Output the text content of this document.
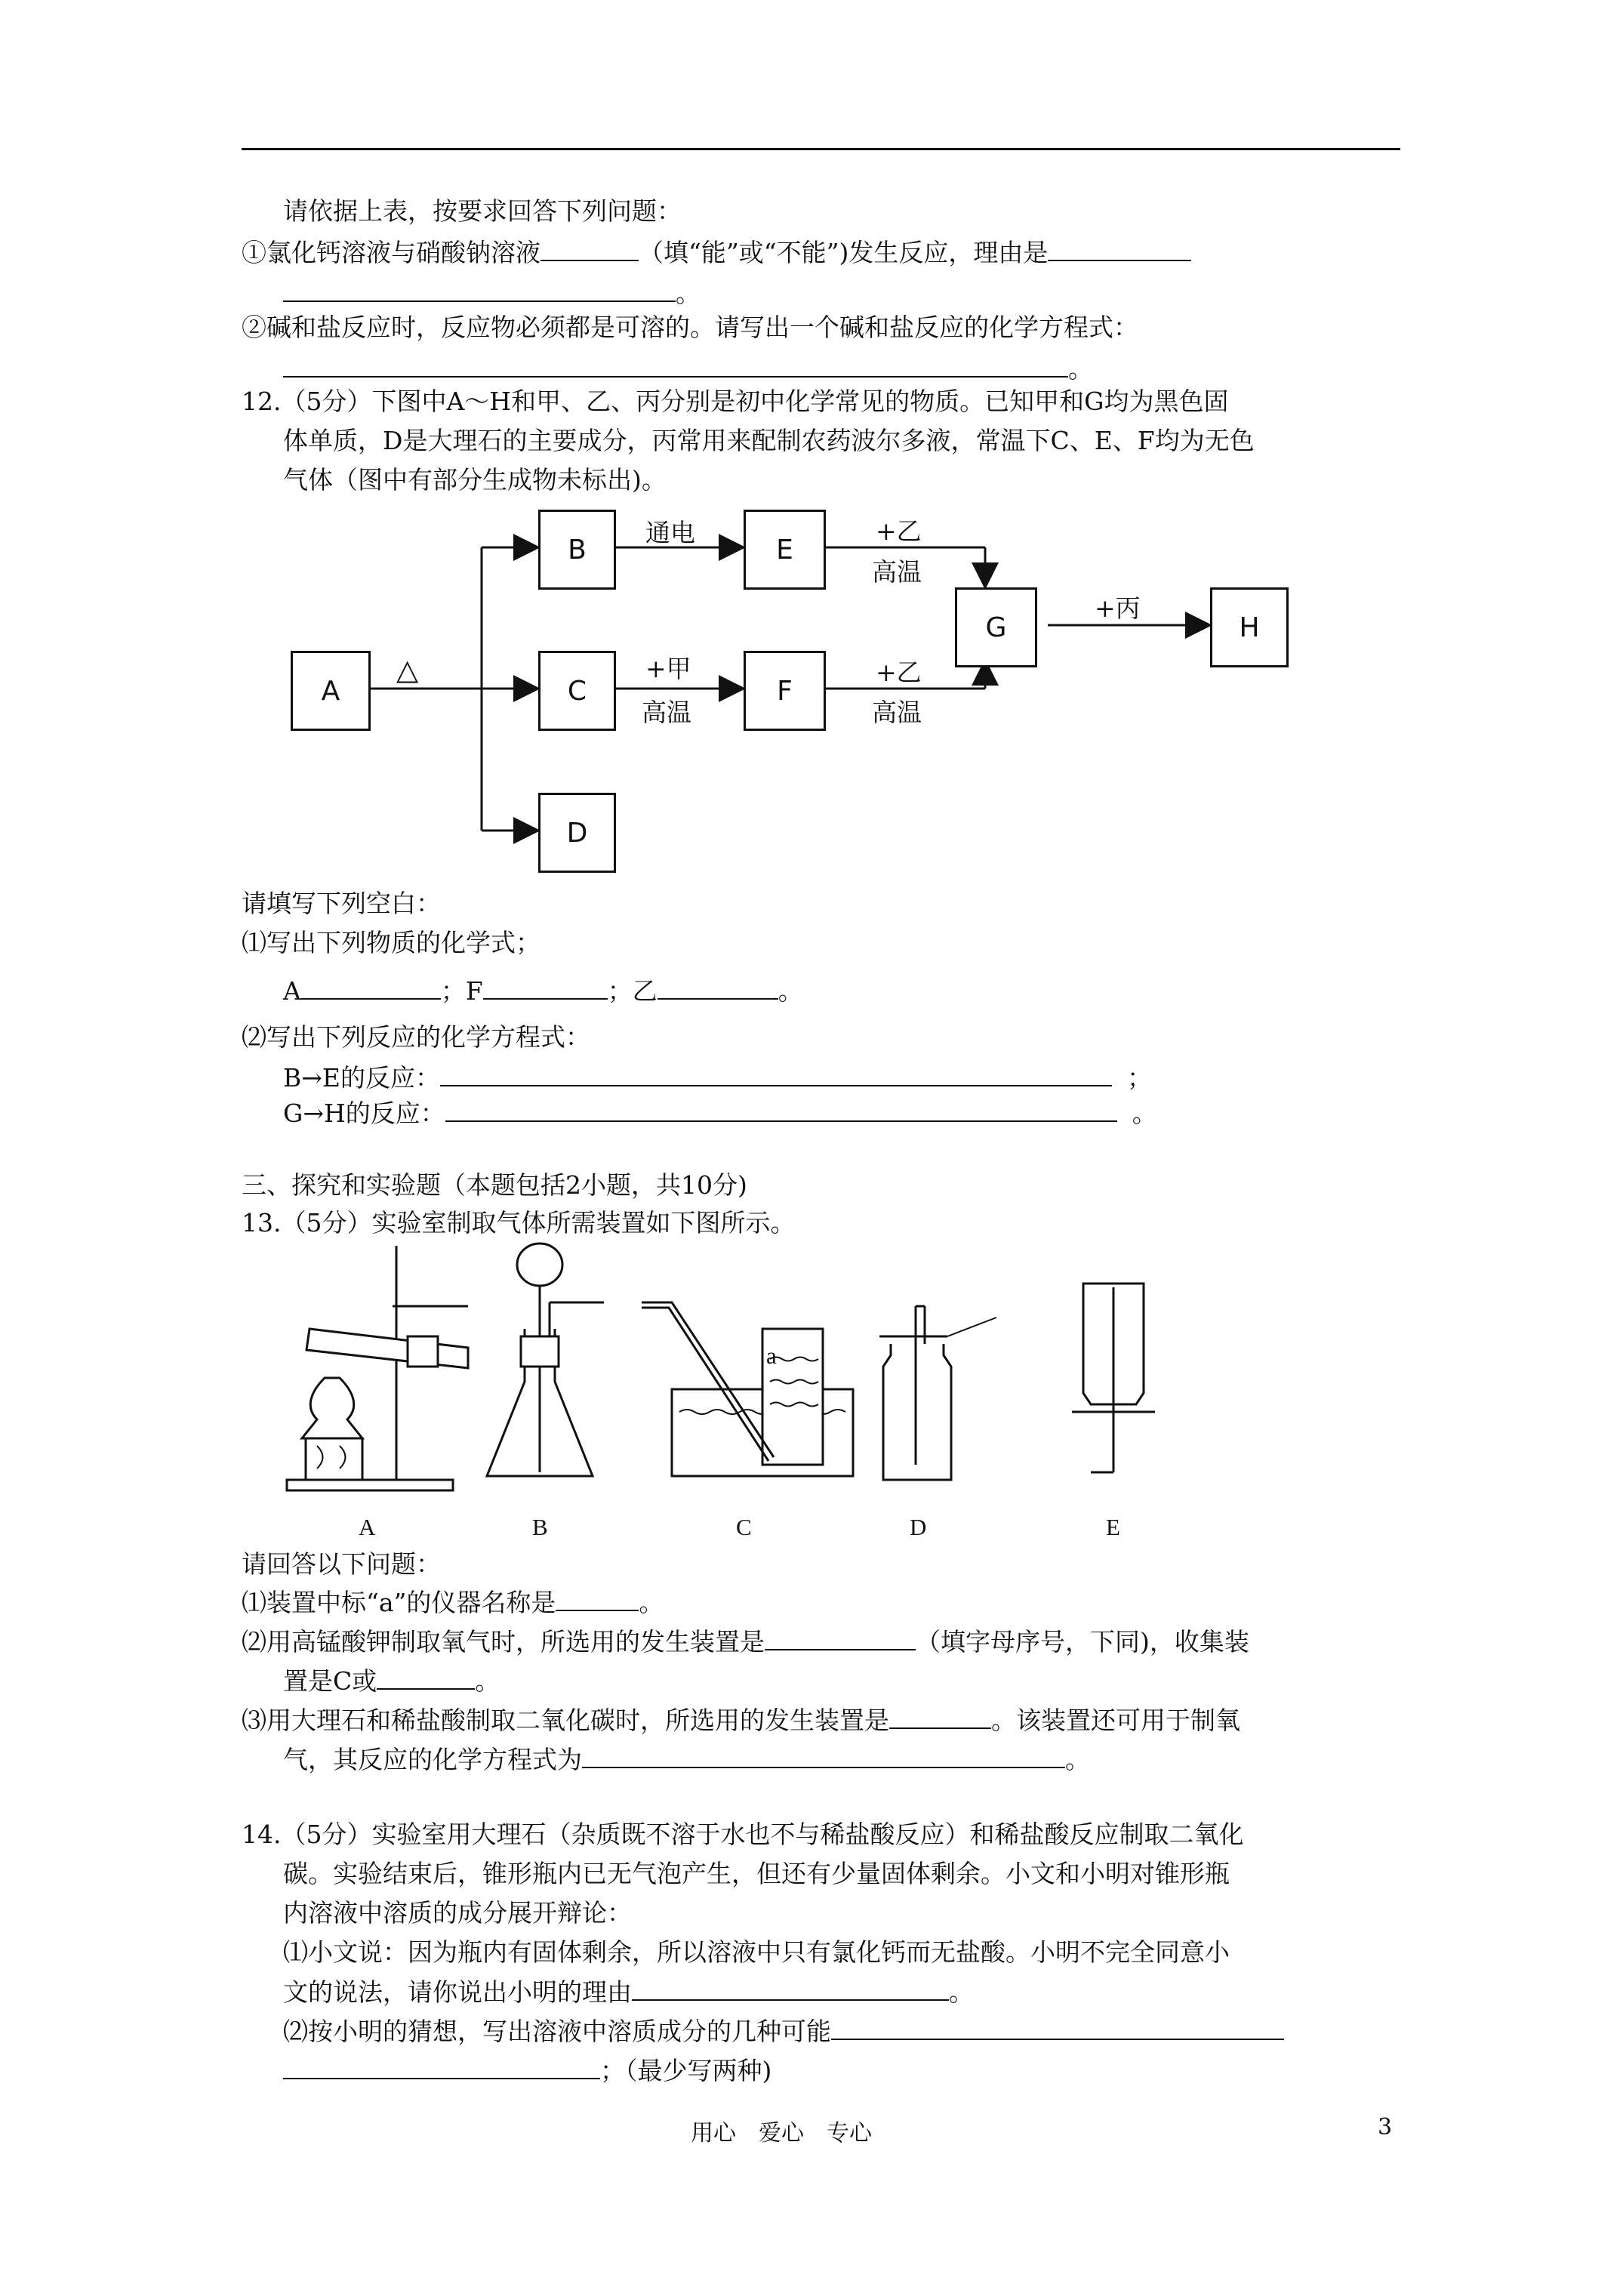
请依据上表，按要求回答下列问题：
①氯化钙溶液与硝酸钠溶液	（填“能”或“不能”)发生反应，理由是
。
②碱和盐反应时，反应物必须都是可溶的。请写出一个碱和盐反应的化学方程式：
。
12.（5分）下图中A～H和甲、乙、丙分别是初中化学常见的物质。已知甲和G均为黑色固
体单质，D是大理石的主要成分，丙常用来配制农药波尔多液，常温下C、E、F均为无色
气体（图中有部分生成物未标出)。
A
B
C
D
E
F
G	H
△
通电
+甲
高温
+乙
高温
+乙
高温
+丙
请填写下列空白：
⑴写出下列物质的化学式；
A	；F	；乙	。
⑵写出下列反应的化学方程式：
B→E的反应：	；
G→H的反应：	。
三、探究和实验题（本题包括2小题，共10分)
13.（5分）实验室制取气体所需装置如下图所示。
a
A	B	C	D	E
请回答以下问题：
⑴装置中标“a”的仪器名称是	。
⑵用高锰酸钾制取氧气时，所选用的发生装置是	（填字母序号，下同)，收集装
置是C或	。
⑶用大理石和稀盐酸制取二氧化碳时，所选用的发生装置是	。该装置还可用于制氧
气，其反应的化学方程式为	。
14.（5分）实验室用大理石（杂质既不溶于水也不与稀盐酸反应）和稀盐酸反应制取二氧化
碳。实验结束后，锥形瓶内已无气泡产生，但还有少量固体剩余。小文和小明对锥形瓶
内溶液中溶质的成分展开辩论：
⑴小文说：因为瓶内有固体剩余，所以溶液中只有氯化钙而无盐酸。小明不完全同意小
文的说法，请你说出小明的理由	。
⑵按小明的猜想，写出溶液中溶质成分的几种可能
；（最少写两种)
用心　爱心　专心	3
